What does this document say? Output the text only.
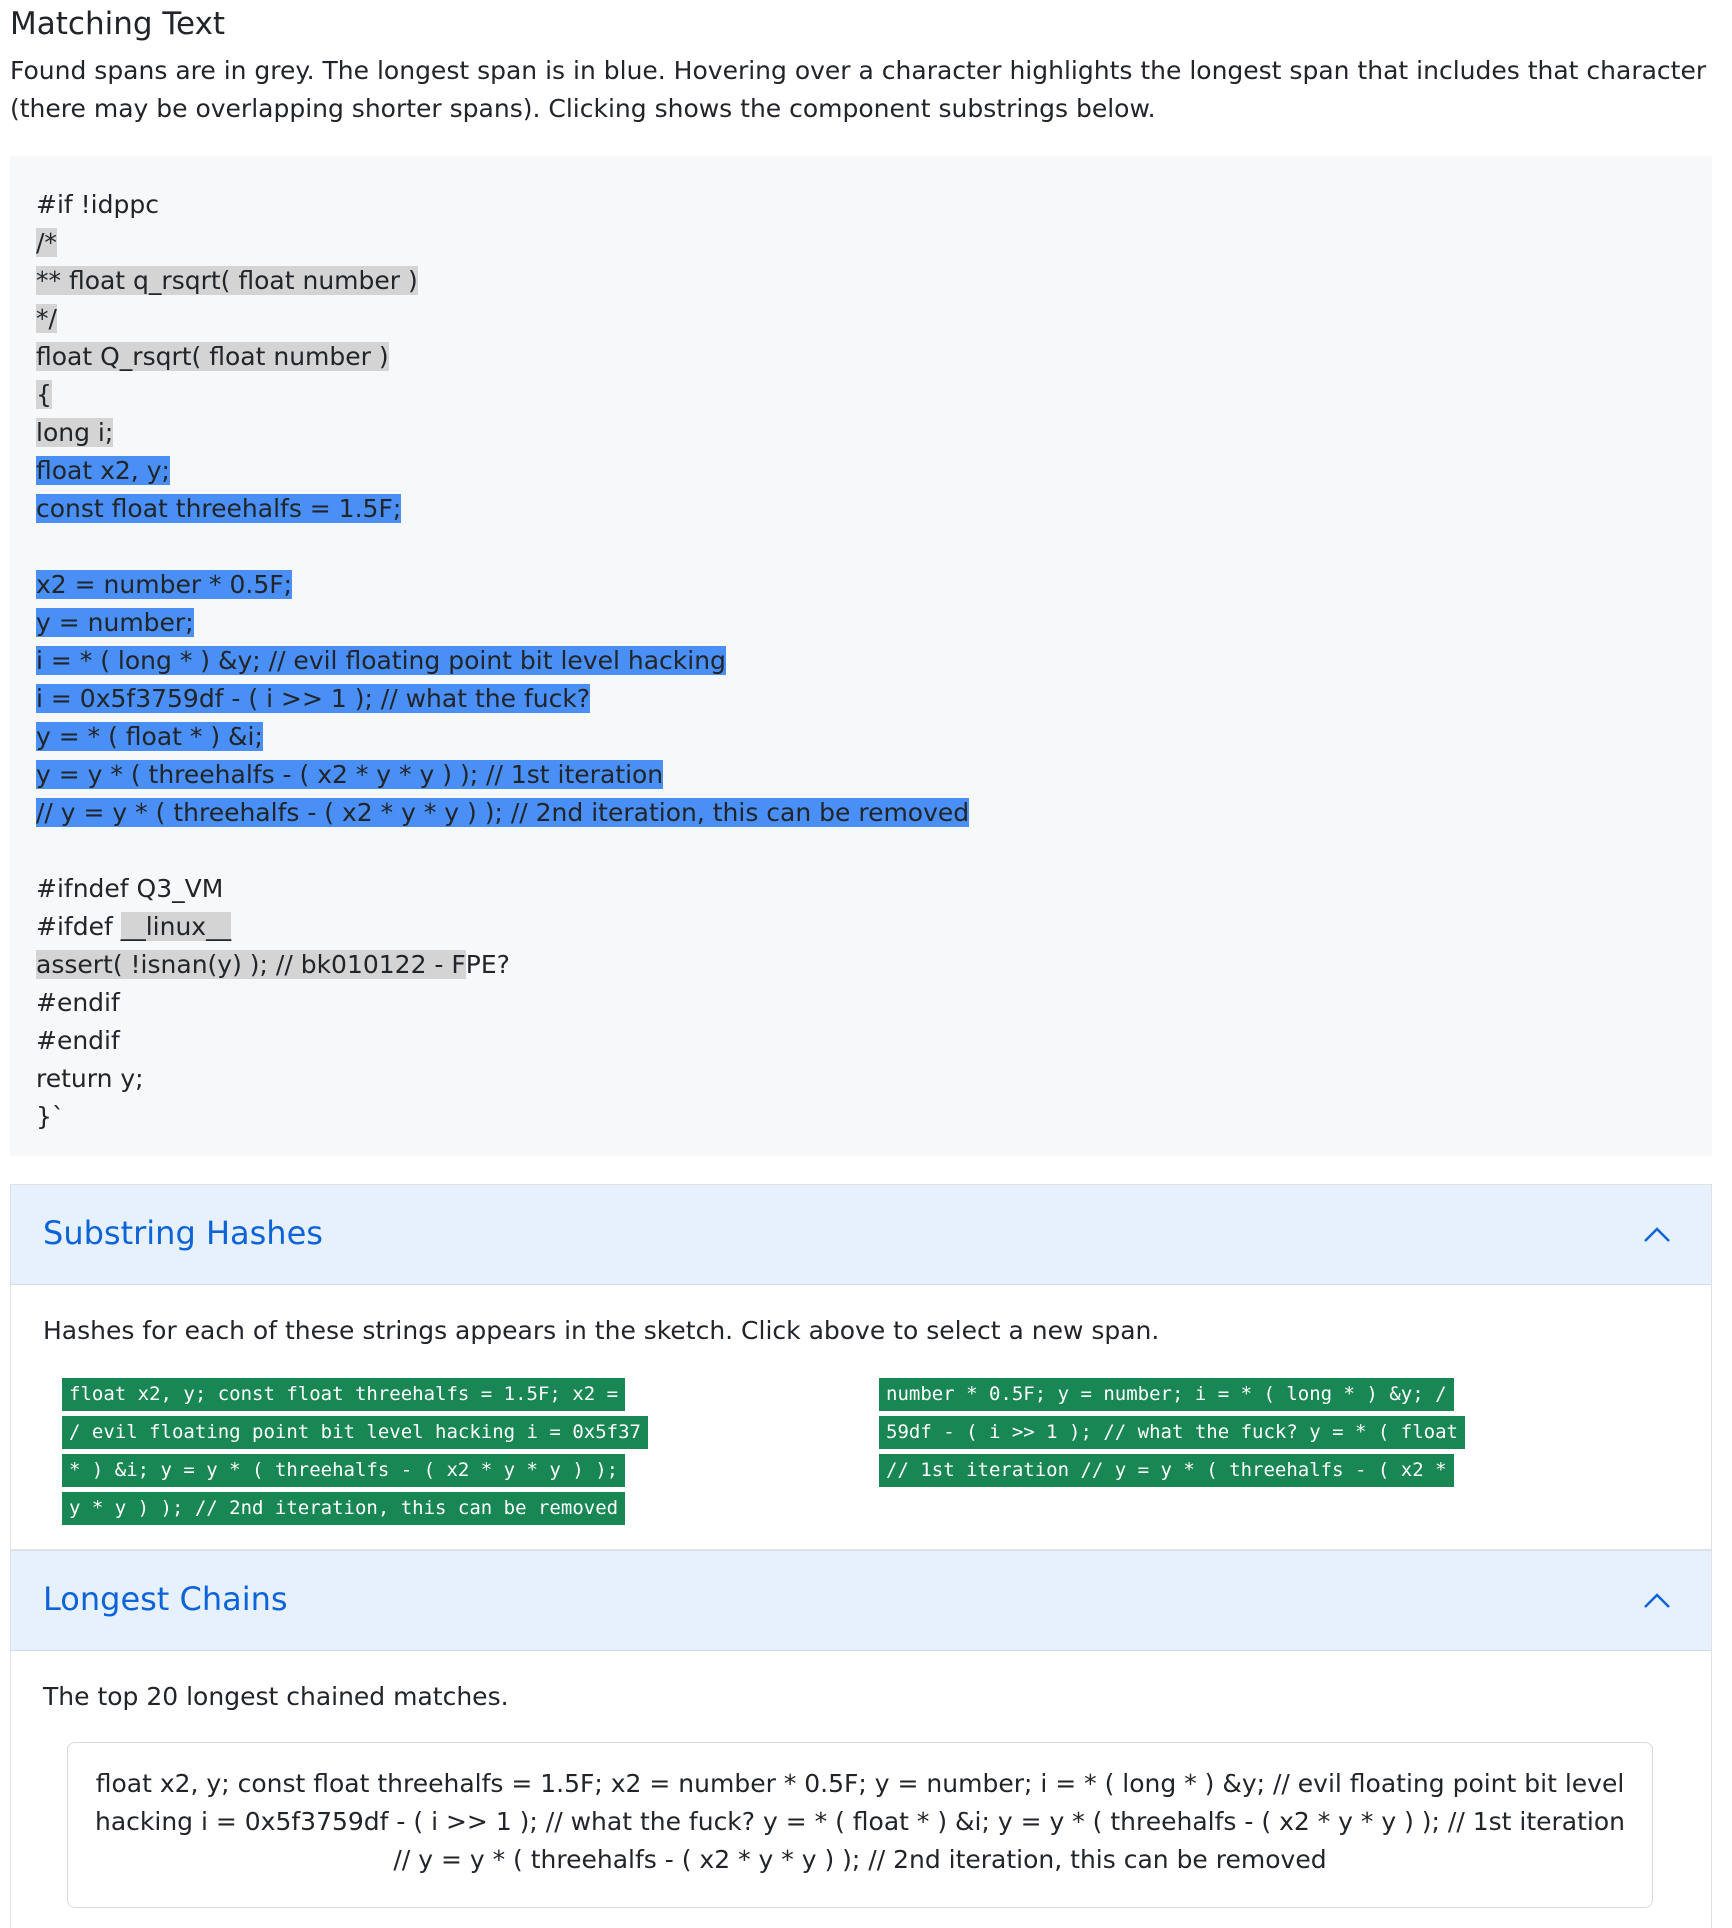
Matching Text

Found spans are in grey. The longest span is in blue. Hovering over a character highlights the longest span that includes that character (there may be overlapping shorter spans). Clicking shows the component substrings below.

#if !idppc
/*
** float q_rsqrt( float number )
*/
float Q_rsqrt( float number )
{
long i;
float x2, y;
const float threehalfs = 1.5F;
x2 = number * 0.5F;
y = number;
i = * ( long * ) &y; // evil floating point bit level hacking
i = 0x5f3759df - ( i >> 1 ); // what the fuck?
y = * ( float * ) &i;
y = y * ( threehalfs - ( x2 * y * y ) ); // 1st iteration
// y = y * ( threehalfs - ( x2 * y * y ) ); // 2nd iteration, this can be removed
#ifndef Q3_VM
#ifdef __linux__
assert( !isnan(y) ); // bk010122 - FPE?
#endif
#endif
return y;
}`
Substring Hashes
Hashes for each of these strings appears in the sketch. Click above to select a new span.
float x2, y; const float threehalfs = 1.5F; x2 =
/ evil floating point bit level hacking i = 0x5f37
* ) &i; y = y * ( threehalfs - ( x2 * y * y ) );
y * y ) ); // 2nd iteration, this can be removed
number * 0.5F; y = number; i = * ( long * ) &y; /
59df - ( i >> 1 ); // what the fuck? y = * ( float
// 1st iteration // y = y * ( threehalfs - ( x2 *
Longest Chains
The top 20 longest chained matches.
float x2, y; const float threehalfs = 1.5F; x2 = number * 0.5F; y = number; i = * ( long * ) &y; // evil floating point bit level hacking i = 0x5f3759df - ( i >> 1 ); // what the fuck? y = * ( float * ) &i; y = y * ( threehalfs - ( x2 * y * y ) ); // 1st iteration // y = y * ( threehalfs - ( x2 * y * y ) ); // 2nd iteration, this can be removed
